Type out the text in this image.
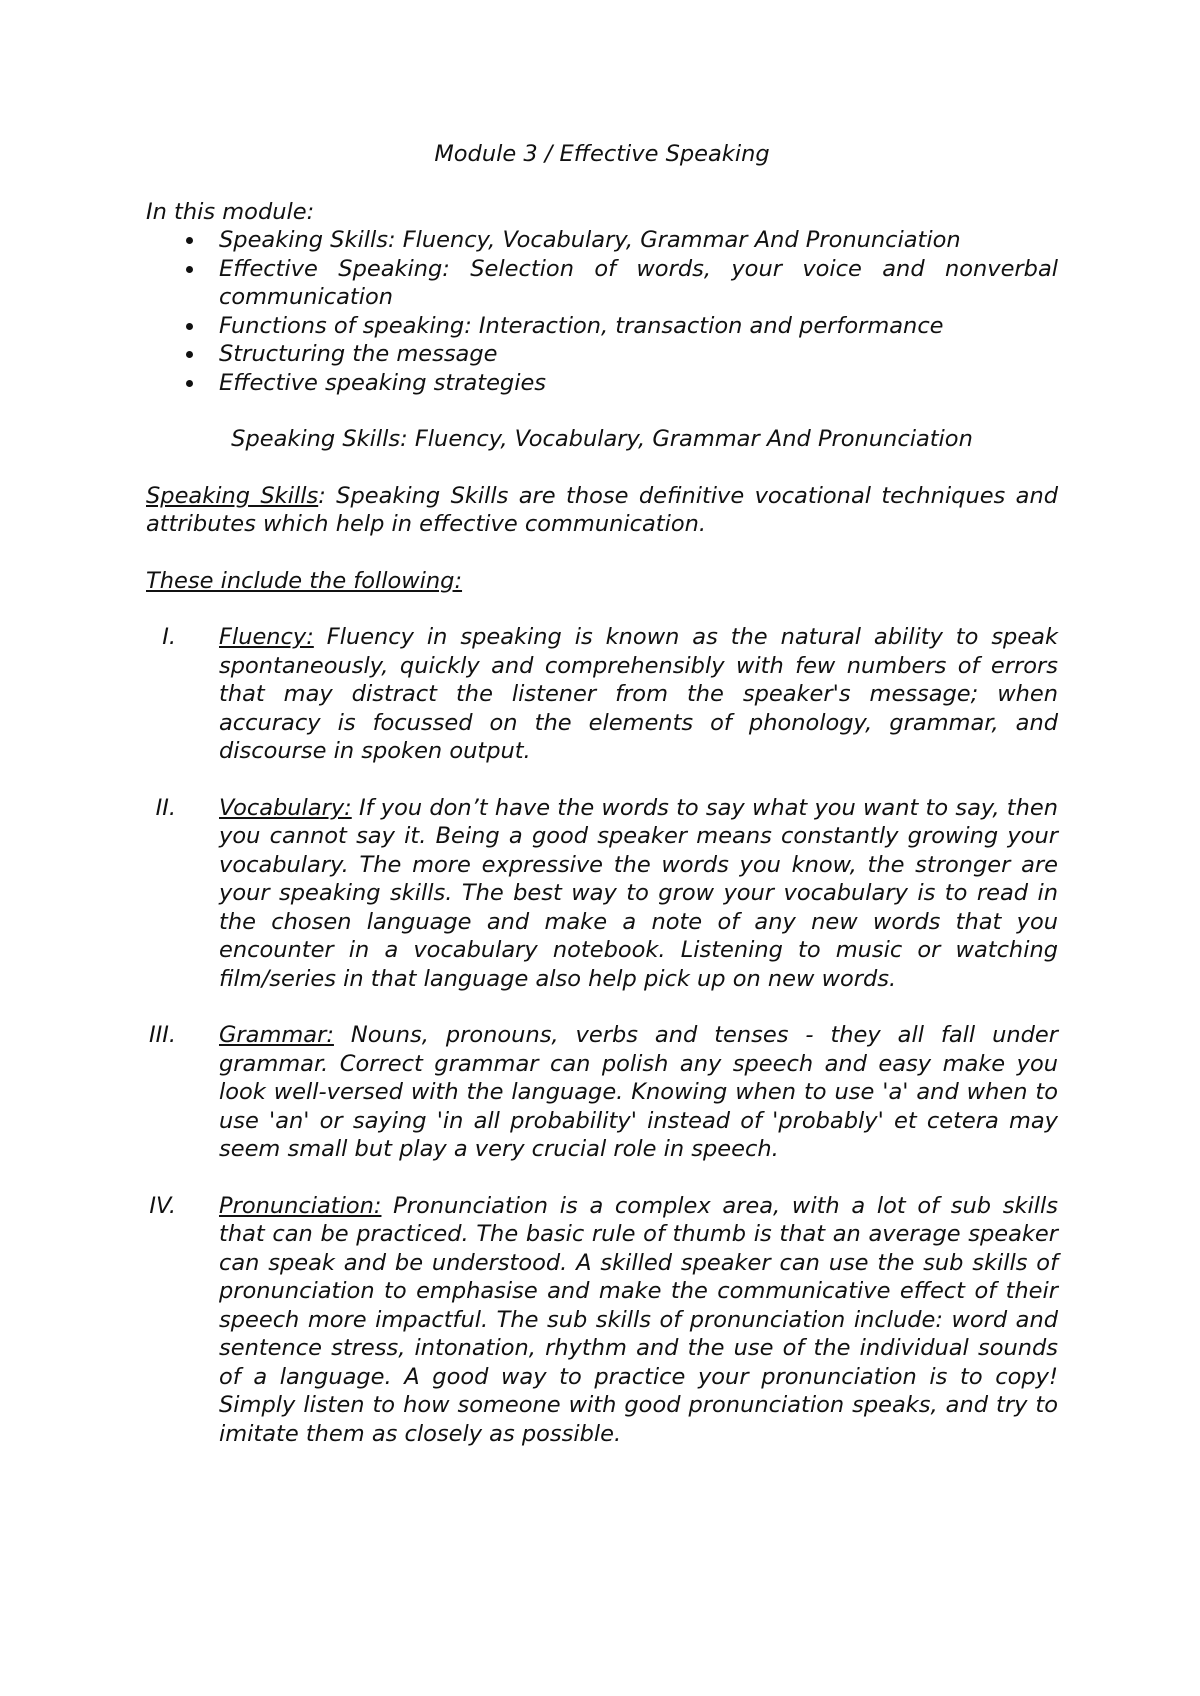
Module 3 / Effective Speaking

In this module:

Speaking Skills: Fluency, Vocabulary, Grammar And Pronunciation
Effective Speaking: Selection of words, your voice and nonverbal communication
Functions of speaking: Interaction, transaction and performance
Structuring the message
Effective speaking strategies

Speaking Skills: Fluency, Vocabulary, Grammar And Pronunciation

Speaking Skills: Speaking Skills are those definitive vocational techniques and attributes which help in effective communication.

These include the following:

I. Fluency: Fluency in speaking is known as the natural ability to speak spontaneously, quickly and comprehensibly with few numbers of errors that may distract the listener from the speaker's message; when accuracy is focussed on the elements of phonology, grammar, and discourse in spoken output.
II. Vocabulary: If you don’t have the words to say what you want to say, then you cannot say it. Being a good speaker means constantly growing your vocabulary. The more expressive the words you know, the stronger are your speaking skills. The best way to grow your vocabulary is to read in the chosen language and make a note of any new words that you encounter in a vocabulary notebook. Listening to music or watching film/series in that language also help pick up on new words.
III. Grammar: Nouns, pronouns, verbs and tenses - they all fall under grammar. Correct grammar can polish any speech and easy make you look well-versed with the language. Knowing when to use 'a' and when to use 'an' or saying 'in all probability' instead of 'probably' et cetera may seem small but play a very crucial role in speech.
IV. Pronunciation: Pronunciation is a complex area, with a lot of sub skills that can be practiced. The basic rule of thumb is that an average speaker can speak and be understood. A skilled speaker can use the sub skills of pronunciation to emphasise and make the communicative effect of their speech more impactful. The sub skills of pronunciation include: word and sentence stress, intonation, rhythm and the use of the individual sounds of a language. A good way to practice your pronunciation is to copy! Simply listen to how someone with good pronunciation speaks, and try to imitate them as closely as possible.
